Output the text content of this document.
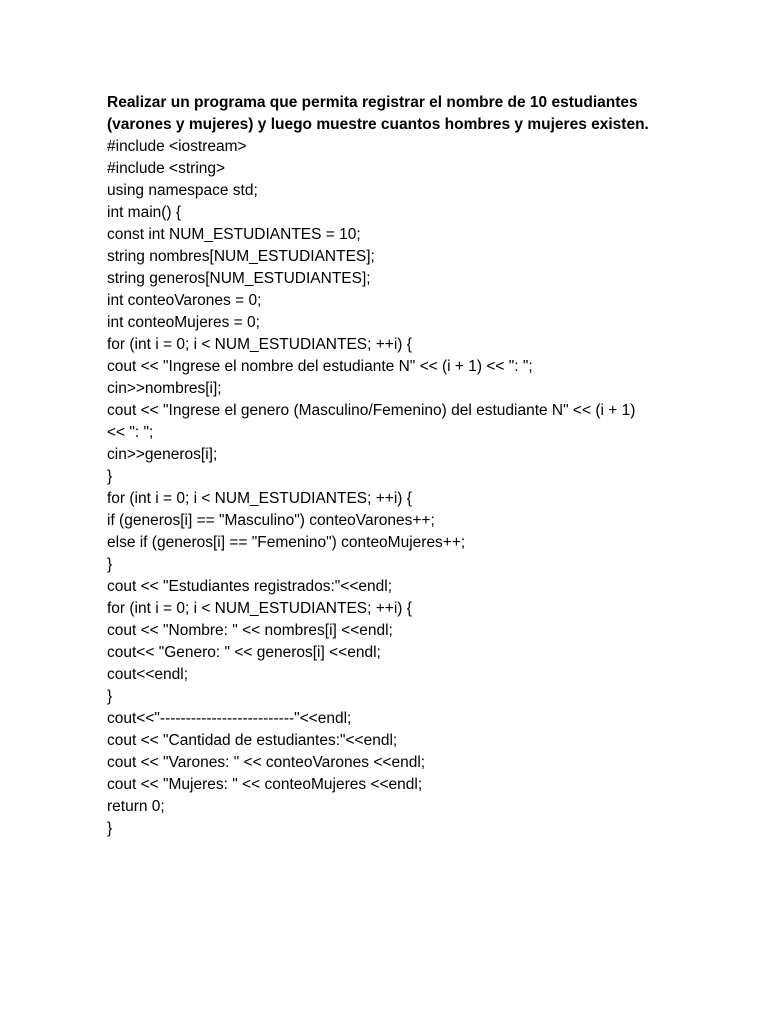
Realizar un programa que permita registrar el nombre de 10 estudiantes
(varones y mujeres) y luego muestre cuantos hombres y mujeres existen.
#include <iostream>
#include <string>
using namespace std;
int main() {
const int NUM_ESTUDIANTES = 10;
string nombres[NUM_ESTUDIANTES];
string generos[NUM_ESTUDIANTES];
int conteoVarones = 0;
int conteoMujeres = 0;
for (int i = 0; i < NUM_ESTUDIANTES; ++i) {
cout << "Ingrese el nombre del estudiante N" << (i + 1) << ": ";
cin>>nombres[i];
cout << "Ingrese el genero (Masculino/Femenino) del estudiante N" << (i + 1)
<< ": ";
cin>>generos[i];
}
for (int i = 0; i < NUM_ESTUDIANTES; ++i) {
if (generos[i] == "Masculino") conteoVarones++;
else if (generos[i] == "Femenino") conteoMujeres++;
}
cout << "Estudiantes registrados:"<<endl;
for (int i = 0; i < NUM_ESTUDIANTES; ++i) {
cout << "Nombre: " << nombres[i] <<endl;
cout<< "Genero: " << generos[i] <<endl;
cout<<endl;
}
cout<<"--------------------------"<<endl;
cout << "Cantidad de estudiantes:"<<endl;
cout << "Varones: " << conteoVarones <<endl;
cout << "Mujeres: " << conteoMujeres <<endl;
return 0;
}
